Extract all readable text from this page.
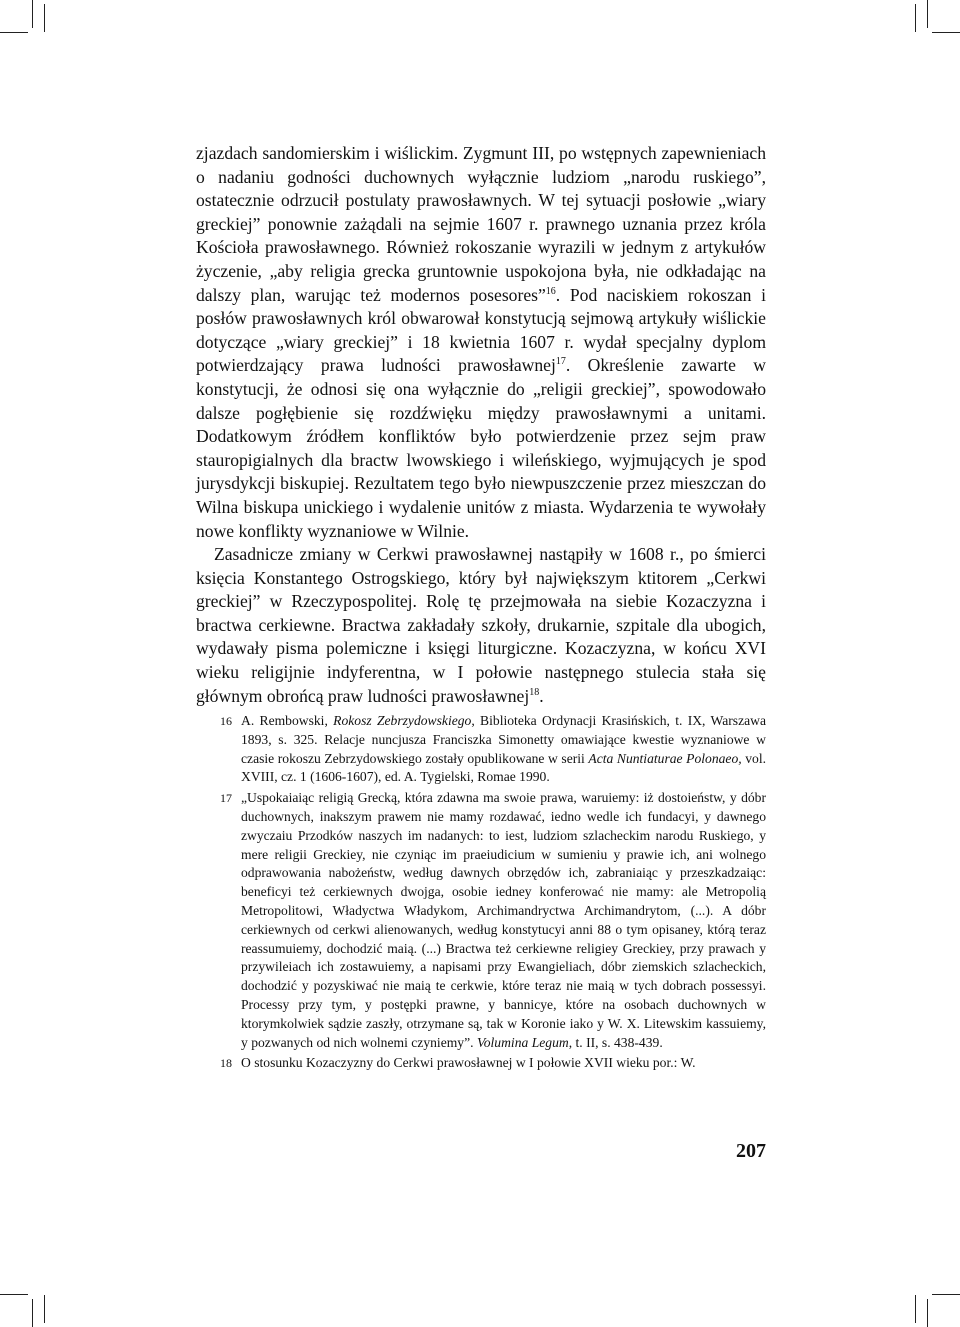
zjazdach sandomierskim i wiślickim. Zygmunt III, po wstępnych zapewnieniach o nadaniu godności duchownych wyłącznie ludziom „narodu ruskiego”, ostatecznie odrzucił postulaty prawosławnych. W tej sytuacji posłowie „wiary greckiej” ponownie zażądali na sejmie 1607 r. prawnego uznania przez króla Kościoła prawosławnego. Również rokoszanie wyrazili w jednym z artykułów życzenie, „aby religia grecka gruntownie uspokojona była, nie odkładając na dalszy plan, warując też modernos posesores”$^{16}$. Pod naciskiem rokoszan i posłów prawosławnych król obwarował konstytucją sejmową artykuły wiślickie dotyczące „wiary greckiej” i 18 kwietnia 1607 r. wydał specjalny dyplom potwierdzający prawa ludności prawosławnej$^{17}$. Określenie zawarte w konstytucji, że odnosi się ona wyłącznie do „religii greckiej”, spowodowało dalsze pogłębienie się rozdźwięku między prawosławnymi a unitami. Dodatkowym źródłem konfliktów było potwierdzenie przez sejm praw stauropigialnych dla bractw lwowskiego i wileńskiego, wyjmujących je spod jurysdykcji biskupiej. Rezultatem tego było niewpuszczenie przez mieszczan do Wilna biskupa unickiego i wydalenie unitów z miasta. Wydarzenia te wywołały nowe konflikty wyznaniowe w Wilnie.

Zasadnicze zmiany w Cerkwi prawosławnej nastąpiły w 1608 r., po śmierci księcia Konstantego Ostrogskiego, który był największym ktitorem „Cerkwi greckiej” w Rzeczypospolitej. Rolę tę przejmowała na siebie Kozaczyzna i bractwa cerkiewne. Bractwa zakładały szkoły, drukarnie, szpitale dla ubogich, wydawały pisma polemiczne i księgi liturgiczne. Kozaczyzna, w końcu XVI wieku religijnie indyferentna, w I połowie następnego stulecia stała się głównym obrońcą praw ludności prawosławnej$^{18}$.

16 A. Rembowski, Rokosz Zebrzydowskiego, Biblioteka Ordynacji Krasińskich, t. IX, Warszawa 1893, s. 325. Relacje nuncjusza Franciszka Simonetty omawiające kwestie wyznaniowe w czasie rokoszu Zebrzydowskiego zostały opublikowane w serii Acta Nuntiaturae Polonaeo, vol. XVIII, cz. 1 (1606-1607), ed. A. Tygielski, Romae 1990.
17 „Uspokaiaiąc religią Grecką, która zdawna ma swoie prawa, waruiemy: iż dostoieństw, y dóbr duchownych, inakszym prawem nie mamy rozdawać, iedno wedle ich fundacyi, y dawnego zwyczaiu Przodków naszych im nadanych: to iest, ludziom szlacheckim narodu Ruskiego, y mere religii Greckiey, nie czyniąc im praeiudicium w sumieniu y prawie ich, ani wolnego odprawowania nabożeństw, według dawnych obrzędów ich, zabraniaiąc y przeszkadzaiąc: beneficyi też cerkiewnych dwojga, osobie iedney konferować nie mamy: ale Metropolią Metropolitowi, Władyctwa Władykom, Archimandryctwa Archimandrytom, (...). A dóbr cerkiewnych od cerkwi alienowanych, według konstytucyi anni 88 o tym opisaney, którą teraz reassumuiemy, dochodzić maią. (...) Bractwa też cerkiewne religiey Greckiey, przy prawach y przywileiach ich zostawuiemy, a napisami przy Ewangieliach, dóbr ziemskich szlacheckich, dochodzić y pozyskiwać nie maią te cerkwie, które teraz nie maią w tych dobrach possessyi. Processy przy tym, y postępki prawne, y bannicye, które na osobach duchownych w ktorymkolwiek sądzie zaszły, otrzymane są, tak w Koronie iako y W. X. Litewskim kassuiemy, y pozwanych od nich wolnemi czyniemy”. Volumina Legum, t. II, s. 438-439.
18 O stosunku Kozaczyzny do Cerkwi prawosławnej w I połowie XVII wieku por.: W.
207
